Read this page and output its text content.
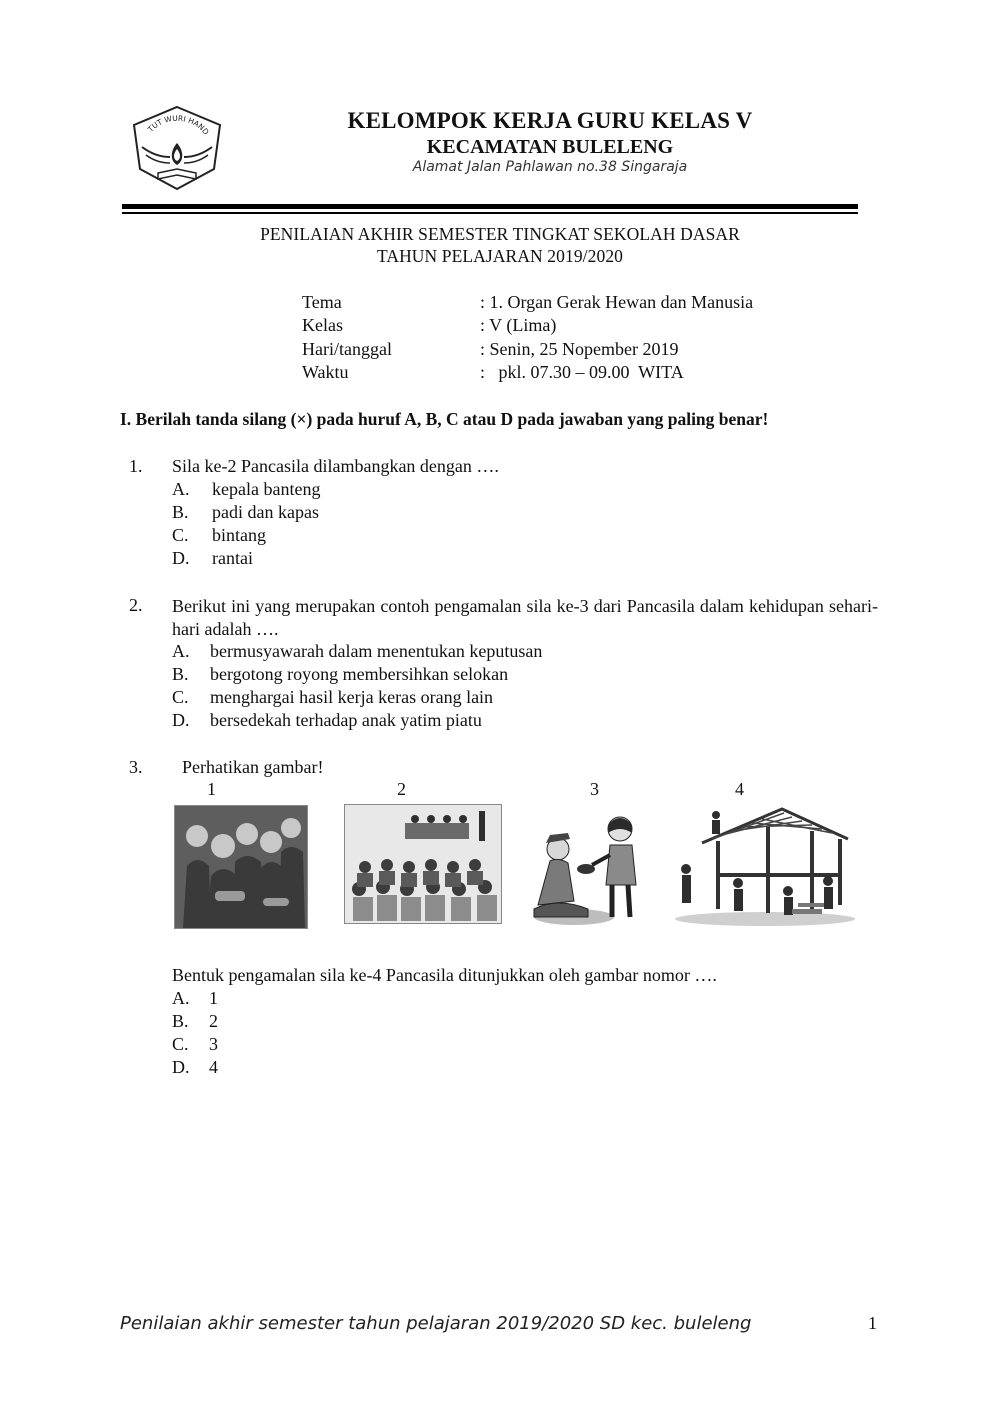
TUT WURI HAND	KELOMPOK KERJA GURU KELAS V
KECAMATAN BULELENG
Alamat Jalan Pahlawan no.38 Singaraja
PENILAIAN AKHIR SEMESTER TINGKAT SEKOLAH DASAR
TAHUN PELAJARAN 2019/2020
Tema	: 1. Organ Gerak Hewan dan Manusia
Kelas	: V (Lima)
Hari/tanggal	: Senin, 25 Nopember 2019
Waktu	:   pkl. 07.30 – 09.00  WITA
I. Berilah tanda silang (×) pada huruf A, B, C atau D pada jawaban yang paling benar!
1. Sila ke-2 Pancasila dilambangkan dengan ….
A. kepala banteng
B. padi dan kapas
C. bintang
D. rantai
2. Berikut ini yang merupakan contoh pengamalan sila ke-3 dari Pancasila dalam kehidupan sehari-hari adalah ….
A. bermusyawarah dalam menentukan keputusan
B. bergotong royong membersihkan selokan
C. menghargai hasil kerja keras orang lain
D. bersedekah terhadap anak yatim piatu
3. Perhatikan gambar!
1	2	3	4
Bentuk pengamalan sila ke-4 Pancasila ditunjukkan oleh gambar nomor ….
A. 1
B. 2
C. 3
D. 4
Penilaian akhir semester tahun pelajaran 2019/2020 SD kec. buleleng	1
